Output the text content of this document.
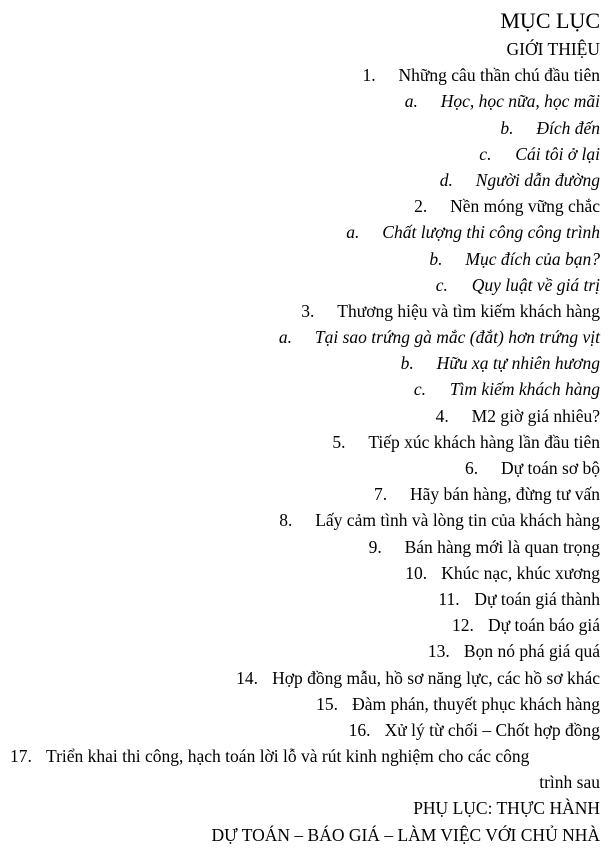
MỤC LỤC
GIỚI THIỆU
1. Những câu thần chú đầu tiên
a. Học, học nữa, học mãi
b. Đích đến
c. Cái tôi ở lại
d. Người dẫn đường
2. Nền móng vững chắc
a. Chất lượng thi công công trình
b. Mục đích của bạn?
c. Quy luật về giá trị
3. Thương hiệu và tìm kiếm khách hàng
a. Tại sao trứng gà mắc (đắt) hơn trứng vịt
b. Hữu xạ tự nhiên hương
c. Tìm kiếm khách hàng
4. M2 giờ giá nhiêu?
5. Tiếp xúc khách hàng lần đầu tiên
6. Dự toán sơ bộ
7. Hãy bán hàng, đừng tư vấn
8. Lấy cảm tình và lòng tin của khách hàng
9. Bán hàng mới là quan trọng
10. Khúc nạc, khúc xương
11. Dự toán giá thành
12. Dự toán báo giá
13. Bọn nó phá giá quá
14. Hợp đồng mẫu, hồ sơ năng lực, các hồ sơ khác
15. Đàm phán, thuyết phục khách hàng
16. Xử lý từ chối – Chốt hợp đồng
17. Triển khai thi công, hạch toán lời lỗ và rút kinh nghiệm cho các công
trình sau
PHỤ LỤC: THỰC HÀNH
DỰ TOÁN – BÁO GIÁ – LÀM VIỆC VỚI CHỦ NHÀ
